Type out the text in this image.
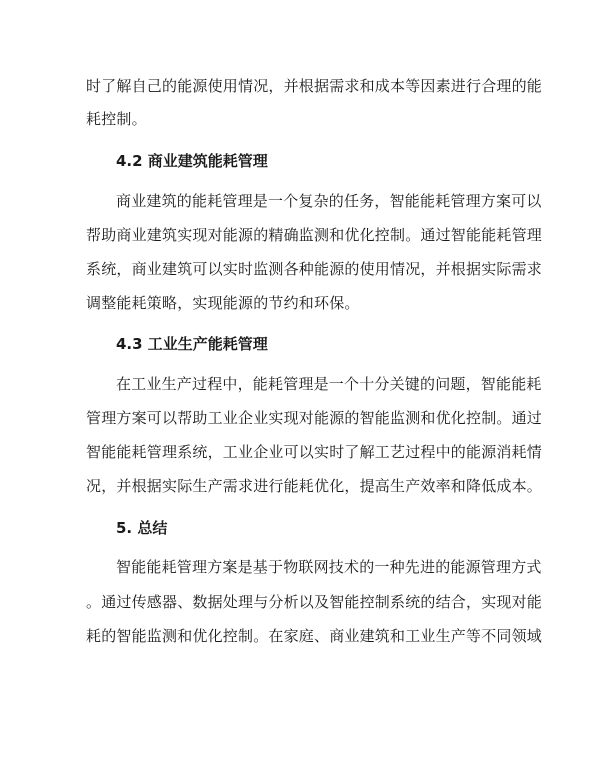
时了解自己的能源使用情况，并根据需求和成本等因素进行合理的能
耗控制。
4.2 商业建筑能耗管理
商业建筑的能耗管理是一个复杂的任务，智能能耗管理方案可以
帮助商业建筑实现对能源的精确监测和优化控制。通过智能能耗管理
系统，商业建筑可以实时监测各种能源的使用情况，并根据实际需求
调整能耗策略，实现能源的节约和环保。
4.3 工业生产能耗管理
在工业生产过程中，能耗管理是一个十分关键的问题，智能能耗
管理方案可以帮助工业企业实现对能源的智能监测和优化控制。通过
智能能耗管理系统，工业企业可以实时了解工艺过程中的能源消耗情
况，并根据实际生产需求进行能耗优化，提高生产效率和降低成本。
5. 总结
智能能耗管理方案是基于物联网技术的一种先进的能源管理方式
。通过传感器、数据处理与分析以及智能控制系统的结合，实现对能
耗的智能监测和优化控制。在家庭、商业建筑和工业生产等不同领域
